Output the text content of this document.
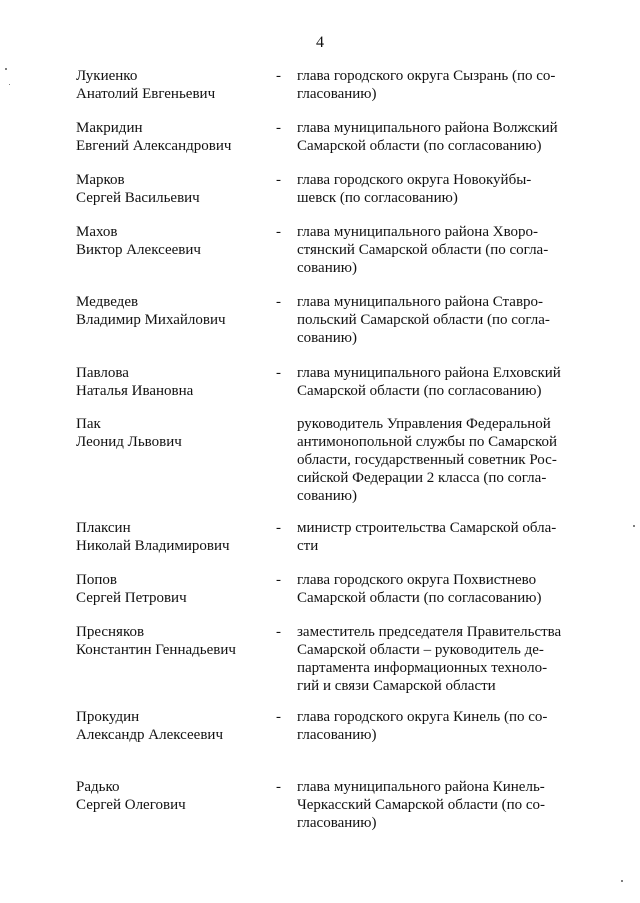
4
Лукиенко
Анатолий Евгеньевич
- глава городского округа Сызрань (по со-
гласованию)
Макридин
Евгений Александрович
- глава муниципального района Волжский
Самарской области (по согласованию)
Марков
Сергей Васильевич
- глава городского округа Новокуйбы-
шевск (по согласованию)
Махов
Виктор Алексеевич
- глава муниципального района Хворо-
стянский Самарской области (по согла-
сованию)
Медведев
Владимир Михайлович
- глава муниципального района Ставро-
польский Самарской области (по согла-
сованию)
Павлова
Наталья Ивановна
- глава муниципального района Елховский
Самарской области (по согласованию)
Пак
Леонид Львович
руководитель Управления Федеральной
антимонопольной службы по Самарской
области, государственный советник Рос-
сийской Федерации 2 класса (по согла-
сованию)
Плаксин
Николай Владимирович
- министр строительства Самарской обла-
сти
Попов
Сергей Петрович
- глава городского округа Похвистнево
Самарской области (по согласованию)
Пресняков
Константин Геннадьевич
- заместитель председателя Правительства
Самарской области – руководитель де-
партамента информационных техноло-
гий и связи Самарской области
Прокудин
Александр Алексеевич
- глава городского округа Кинель (по со-
гласованию)
Радько
Сергей Олегович
- глава муниципального района Кинель-
Черкасский Самарской области (по со-
гласованию)
